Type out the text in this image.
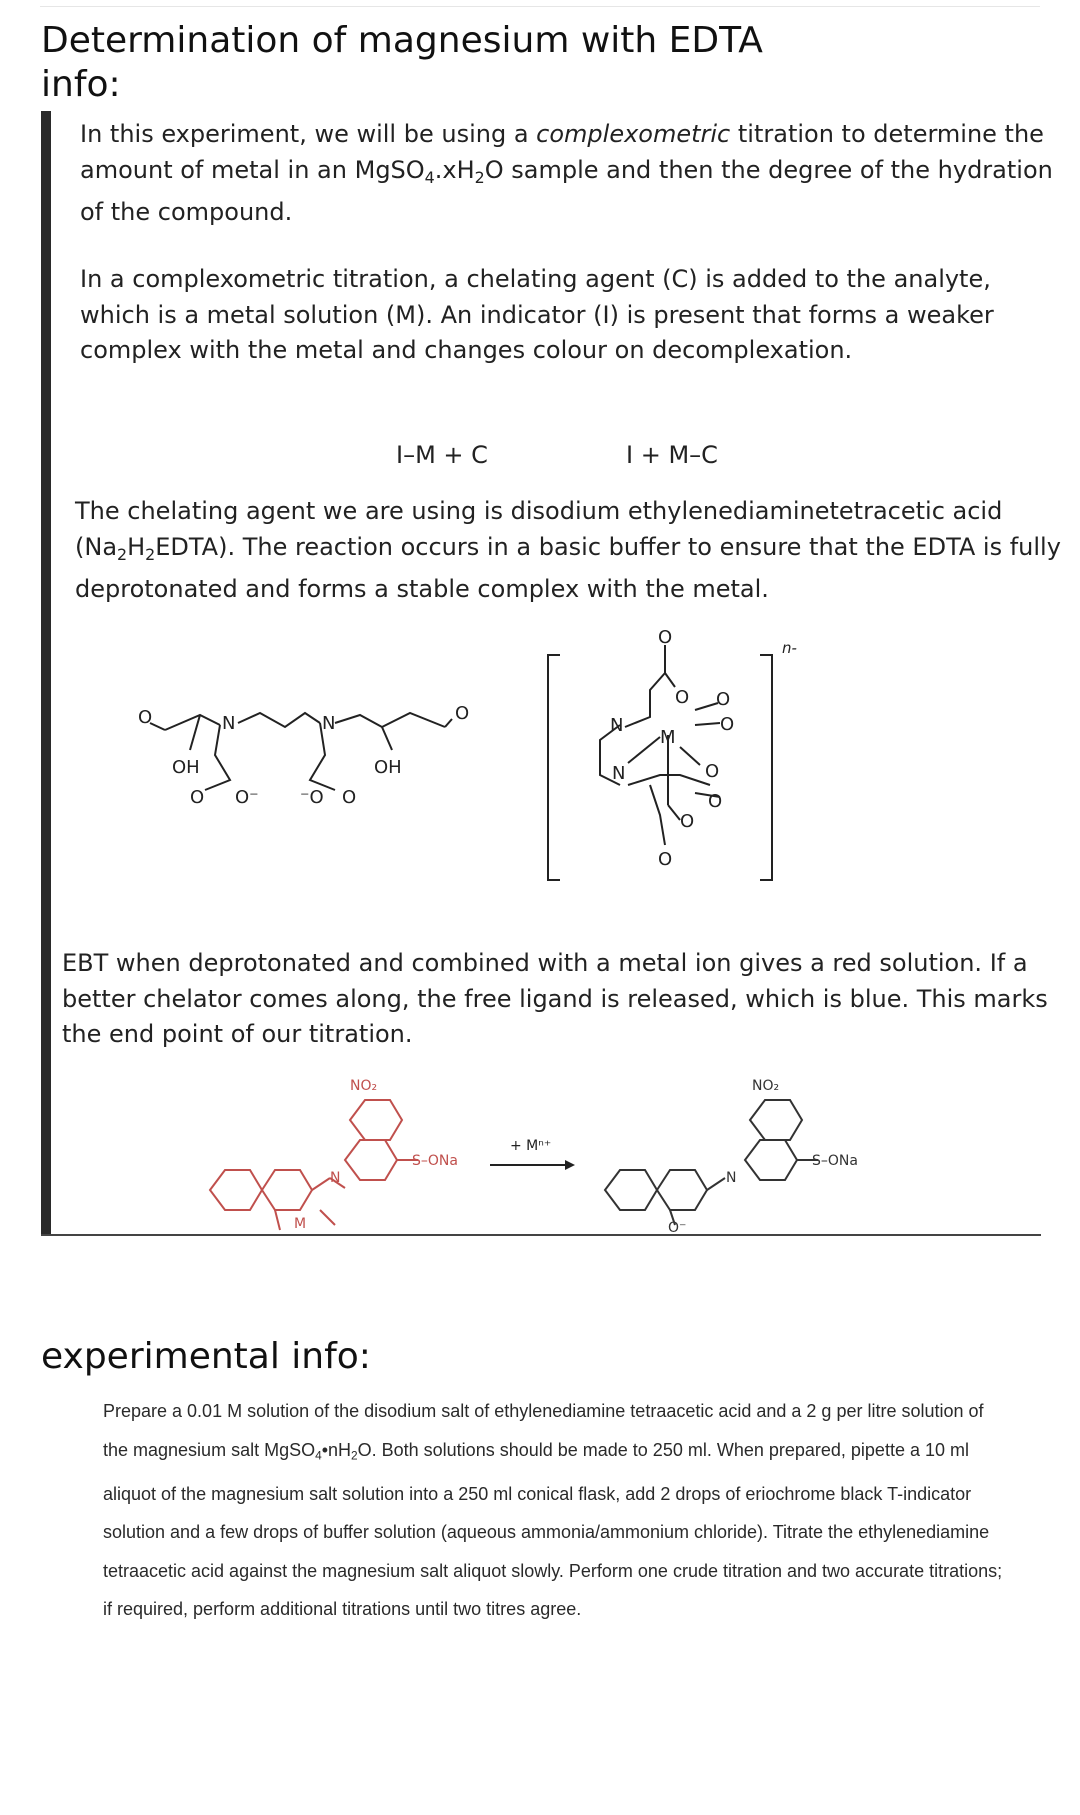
Determination of magnesium with EDTA
info:
In this experiment, we will be using a complexometric titration to determine the amount of metal in an $MgSO_4.xH_2O$ sample and then the degree of the hydration of the compound.
In a complexometric titration, a chelating agent (C) is added to the analyte, which is a metal solution (M). An indicator (I) is present that forms a weaker complex with the metal and changes colour on decomplexation.
I–M + C	I + M–C
The chelating agent we are using is disodium ethylenediaminetetracetic acid $(Na_2H_2EDTA)$. The reaction occurs in a basic buffer to ensure that the EDTA is fully deprotonated and forms a stable complex with the metal.
O	N	N	O
OH	OH
O O⁻ ⁻O O
O
O O
O
N
M
N	O
O
O
O
n-
EBT when deprotonated and combined with a metal ion gives a red solution. If a better chelator comes along, the free ligand is released, which is blue. This marks the end point of our titration.
NO₂
S–ONa
N
M
+ Mⁿ⁺
NO₂
S–ONa
N
O⁻
experimental info:
Prepare a 0.01 M solution of the disodium salt of ethylenediamine tetraacetic acid and a 2 g per litre solution of the magnesium salt $MgSO_4•nH_2O$. Both solutions should be made to 250 ml. When prepared, pipette a 10 ml aliquot of the magnesium salt solution into a 250 ml conical flask, add 2 drops of eriochrome black T-indicator solution and a few drops of buffer solution (aqueous ammonia/ammonium chloride). Titrate the ethylenediamine tetraacetic acid against the magnesium salt aliquot slowly. Perform one crude titration and two accurate titrations; if required, perform additional titrations until two titres agree.
